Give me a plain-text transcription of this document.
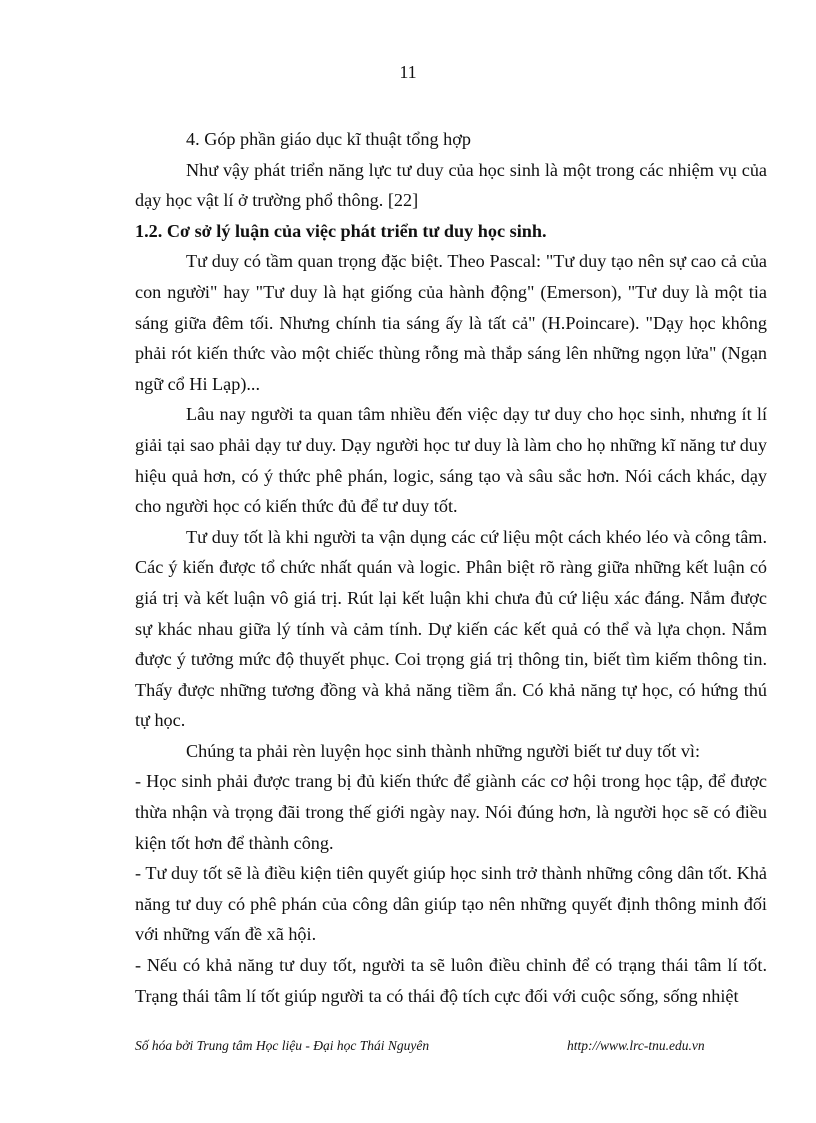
11

4. Góp phần giáo dục kĩ thuật tổng hợp

Như vậy phát triển năng lực tư duy của học sinh là một trong các nhiệm vụ của dạy học vật lí ở trường phổ thông. [22]

1.2. Cơ sở lý luận của việc phát triển tư duy học sinh.

Tư duy có tầm quan trọng đặc biệt. Theo Pascal: "Tư duy tạo nên sự cao cả của con người" hay "Tư duy là hạt giống của hành động" (Emerson), "Tư duy là một tia sáng giữa đêm tối. Nhưng chính tia sáng ấy là tất cả" (H.Poincare). "Dạy học không phải rót kiến thức vào một chiếc thùng rỗng mà thắp sáng lên những ngọn lửa" (Ngạn ngữ cổ Hi Lạp)...

Lâu nay người ta quan tâm nhiều đến việc dạy tư duy cho học sinh, nhưng ít lí giải tại sao phải dạy tư duy. Dạy người học tư duy là làm cho họ những kĩ năng tư duy hiệu quả hơn, có ý thức phê phán, logic, sáng tạo và sâu sắc hơn. Nói cách khác, dạy cho người học có kiến thức đủ để tư duy tốt.

Tư duy tốt là khi người ta vận dụng các cứ liệu một cách khéo léo và công tâm. Các ý kiến được tổ chức nhất quán và logic. Phân biệt rõ ràng giữa những kết luận có giá trị và kết luận vô giá trị. Rút lại kết luận khi chưa đủ cứ liệu xác đáng. Nắm được sự khác nhau giữa lý tính và cảm tính. Dự kiến các kết quả có thể và lựa chọn. Nắm được ý tưởng mức độ thuyết phục. Coi trọng giá trị thông tin, biết tìm kiếm thông tin. Thấy được những tương đồng và khả năng tiềm ẩn. Có khả năng tự học, có hứng thú tự học.

Chúng ta phải rèn luyện học sinh thành những người biết tư duy tốt vì:

- Học sinh phải được trang bị đủ kiến thức để giành các cơ hội trong học tập, để được thừa nhận và trọng đãi trong thế giới ngày nay. Nói đúng hơn, là người học sẽ có điều kiện tốt hơn để thành công.

- Tư duy tốt sẽ là điều kiện tiên quyết giúp học sinh trở thành những công dân tốt. Khả năng tư duy có phê phán của công dân giúp tạo nên những quyết định thông minh đối với những vấn đề xã hội.

- Nếu có khả năng tư duy tốt, người ta sẽ luôn điều chỉnh để có trạng thái tâm lí tốt. Trạng thái tâm lí tốt giúp người ta có thái độ tích cực đối với cuộc sống, sống nhiệt

Số hóa bởi Trung tâm Học liệu - Đại học Thái Nguyên	http://www.lrc-tnu.edu.vn
